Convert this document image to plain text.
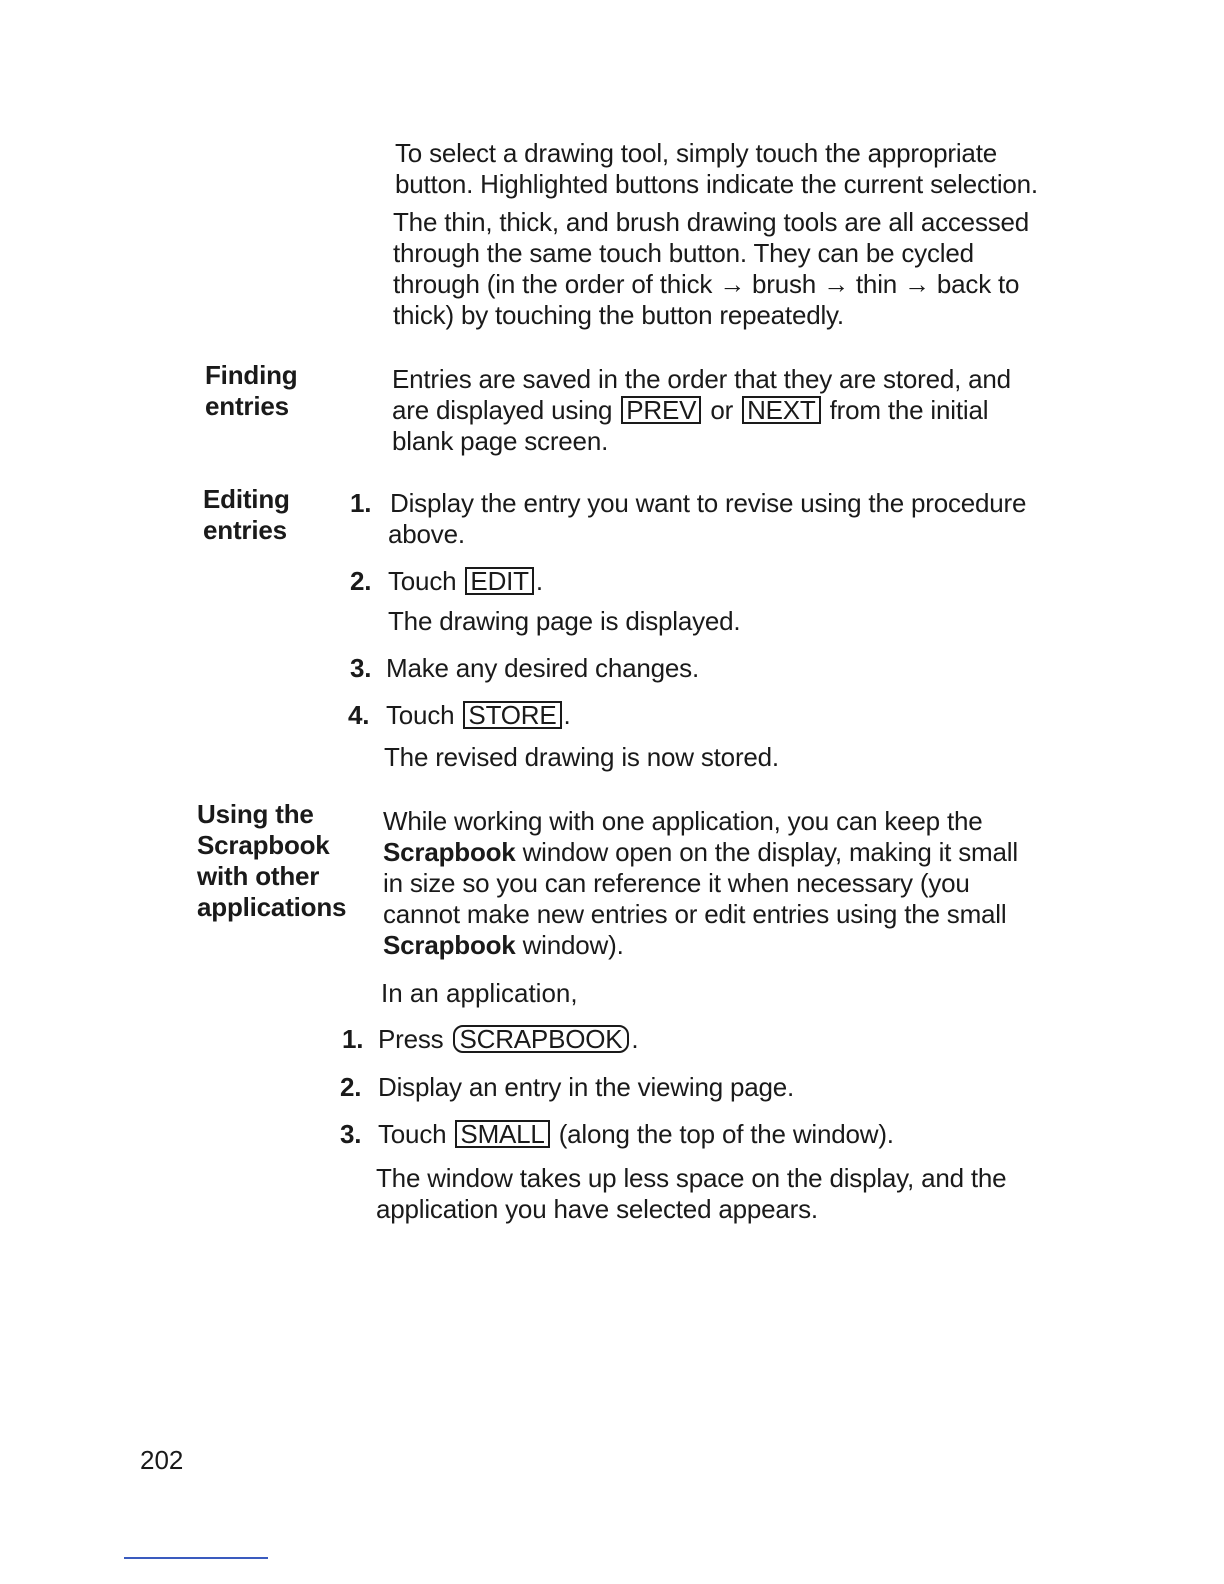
To select a drawing tool, simply touch the appropriate button. Highlighted buttons indicate the current selection.

The thin, thick, and brush drawing tools are all accessed through the same touch button. They can be cycled through (in the order of thick → brush → thin → back to thick) by touching the button repeatedly.

Finding
entries

Entries are saved in the order that they are stored, and are displayed using PREV or NEXT from the initial blank page screen.

Editing
entries
1. Display the entry you want to revise using the procedure
above.
2. Touch EDIT .
The drawing page is displayed.
3. Make any desired changes.
4. Touch STORE .
The revised drawing is now stored.
Using the
Scrapbook
with other
applications

While working with one application, you can keep the Scrapbook window open on the display, making it small in size so you can reference it when necessary (you cannot make new entries or edit entries using the small Scrapbook window).

In an application,

1. Press SCRAPBOOK .
2. Display an entry in the viewing page.
3. Touch SMALL (along the top of the window).
The window takes up less space on the display, and the
application you have selected appears.
202
